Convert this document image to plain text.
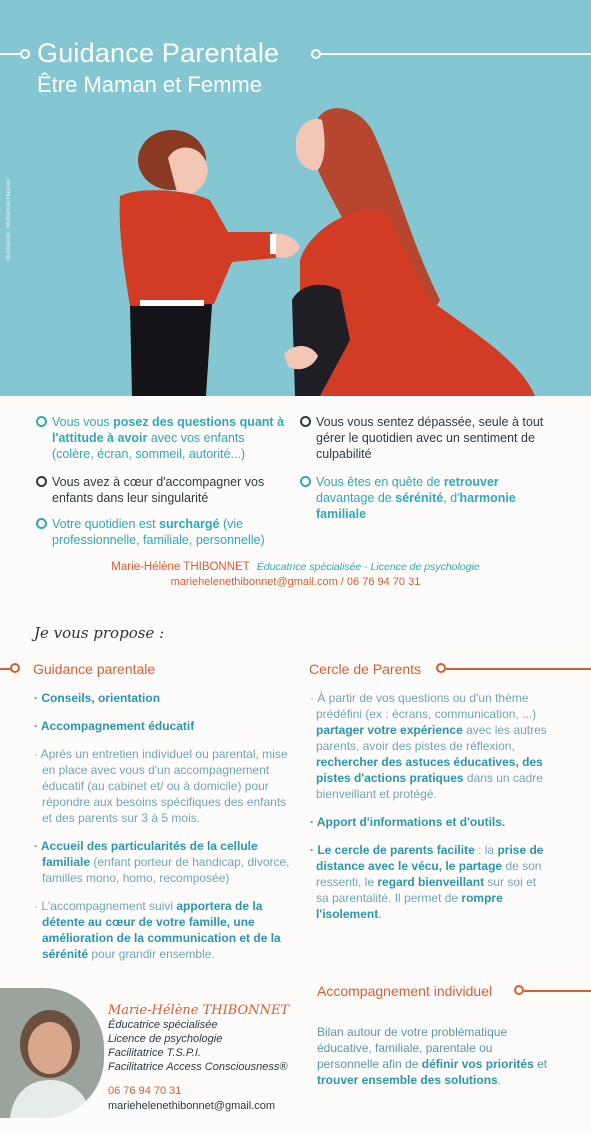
Guidance Parentale
Être Maman et Femme
Illustration : Mohamed Hassan
Vous vous posez des questions quant à l'attitude à avoir avec vos enfants (colère, écran, sommeil, autorité...)
Vous avez à cœur d'accompagner vos enfants dans leur singularité
Votre quotidien est surchargé (vie professionnelle, familiale, personnelle)
Vous vous sentez dépassée, seule à tout gérer le quotidien avec un sentiment de culpabilité
Vous êtes en quête de retrouver davantage de sérénité, d'harmonie familiale
Marie-Hélène THIBONNET Éducatrice spécialisée - Licence de psychologie
mariehelenethibonnet@gmail.com / 06 76 94 70 31
Je vous propose :
Guidance parentale	Cercle de Parents

· Conseils, orientation

· Accompagnement éducatif

· Après un entretien individuel ou parental, mise en place avec vous d'un accompagnement éducatif (au cabinet et/ ou à domicile) pour répondre aux besoins spécifiques des enfants et des parents sur 3 à 5 mois.

· Accueil des particularités de la cellule familiale (enfant porteur de handicap, divorce, familles mono, homo, recomposée)

· L'accompagnement suivi apportera de la détente au cœur de votre famille, une amélioration de la communication et de la sérénité pour grandir ensemble.

· À partir de vos questions ou d'un thème prédéfini (ex : écrans, communication, ...) partager votre expérience avec les autres parents, avoir des pistes de réflexion, rechercher des astuces éducatives, des pistes d'actions pratiques dans un cadre bienveillant et protégé.

· Apport d'informations et d'outils.

· Le cercle de parents facilite : la prise de distance avec le vécu, le partage de son ressenti, le regard bienveillant sur soi et sa parentalité. Il permet de rompre l'isolement.

Accompagnement individuel

Bilan autour de votre problématique éducative, familiale, parentale ou personnelle afin de définir vos priorités et trouver ensemble des solutions.

Marie-Hélène THIBONNET
Éducatrice spécialisée
Licence de psychologie
Facilitatrice T.S.P.I.
Facilitatrice Access Consciousness®
06 76 94 70 31
mariehelenethibonnet@gmail.com
